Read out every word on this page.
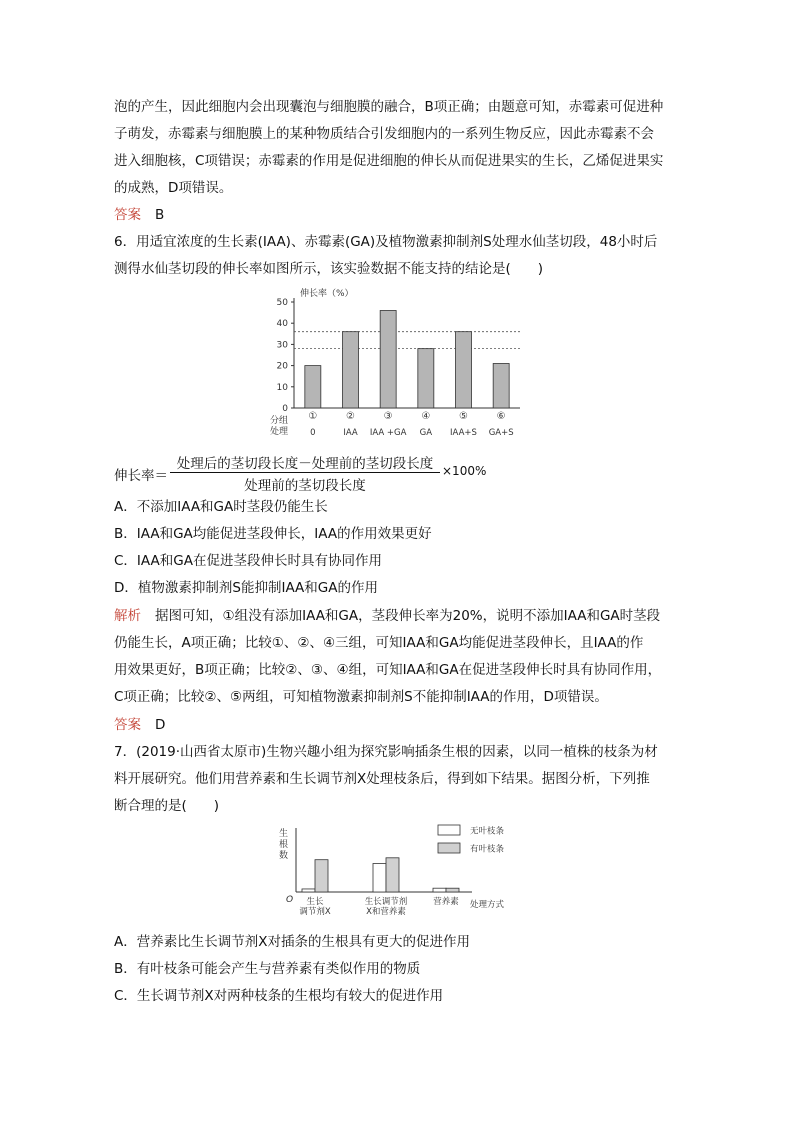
泡的产生，因此细胞内会出现囊泡与细胞膜的融合，B项正确；由题意可知，赤霉素可促进种
子萌发，赤霉素与细胞膜上的某种物质结合引发细胞内的一系列生物反应，因此赤霉素不会
进入细胞核，C项错误；赤霉素的作用是促进细胞的伸长从而促进果实的生长，乙烯促进果实
的成熟，D项错误。
答案 B
6．用适宜浓度的生长素(IAA)、赤霉素(GA)及植物激素抑制剂S处理水仙茎切段，48小时后
测得水仙茎切段的伸长率如图所示，该实验数据不能支持的结论是(　　)
伸长率（%）
分组
处理
0
10
20
30
40
50
①
0
②
IAA
③
IAA +GA
④
GA
⑤
IAA+S
⑥
GA+S
伸长率＝
处理后的茎切段长度－处理前的茎切段长度
处理前的茎切段长度
×100%
A．不添加IAA和GA时茎段仍能生长
B．IAA和GA均能促进茎段伸长，IAA的作用效果更好
C．IAA和GA在促进茎段伸长时具有协同作用
D．植物激素抑制剂S能抑制IAA和GA的作用
解析 据图可知，①组没有添加IAA和GA，茎段伸长率为20%，说明不添加IAA和GA时茎段
仍能生长，A项正确；比较①、②、④三组，可知IAA和GA均能促进茎段伸长，且IAA的作
用效果更好，B项正确；比较②、③、④组，可知IAA和GA在促进茎段伸长时具有协同作用，
C项正确；比较②、⑤两组，可知植物激素抑制剂S不能抑制IAA的作用，D项错误。
答案 D
7．(2019·山西省太原市)生物兴趣小组为探究影响插条生根的因素，以同一植株的枝条为材
料开展研究。他们用营养素和生长调节剂X处理枝条后，得到如下结果。据图分析，下列推
断合理的是(　　)
生
根
数
O	处理方式
无叶枝条
有叶枝条
生长
调节剂X
生长调节剂
X和营养素
营养素
A．营养素比生长调节剂X对插条的生根具有更大的促进作用
B．有叶枝条可能会产生与营养素有类似作用的物质
C．生长调节剂X对两种枝条的生根均有较大的促进作用
